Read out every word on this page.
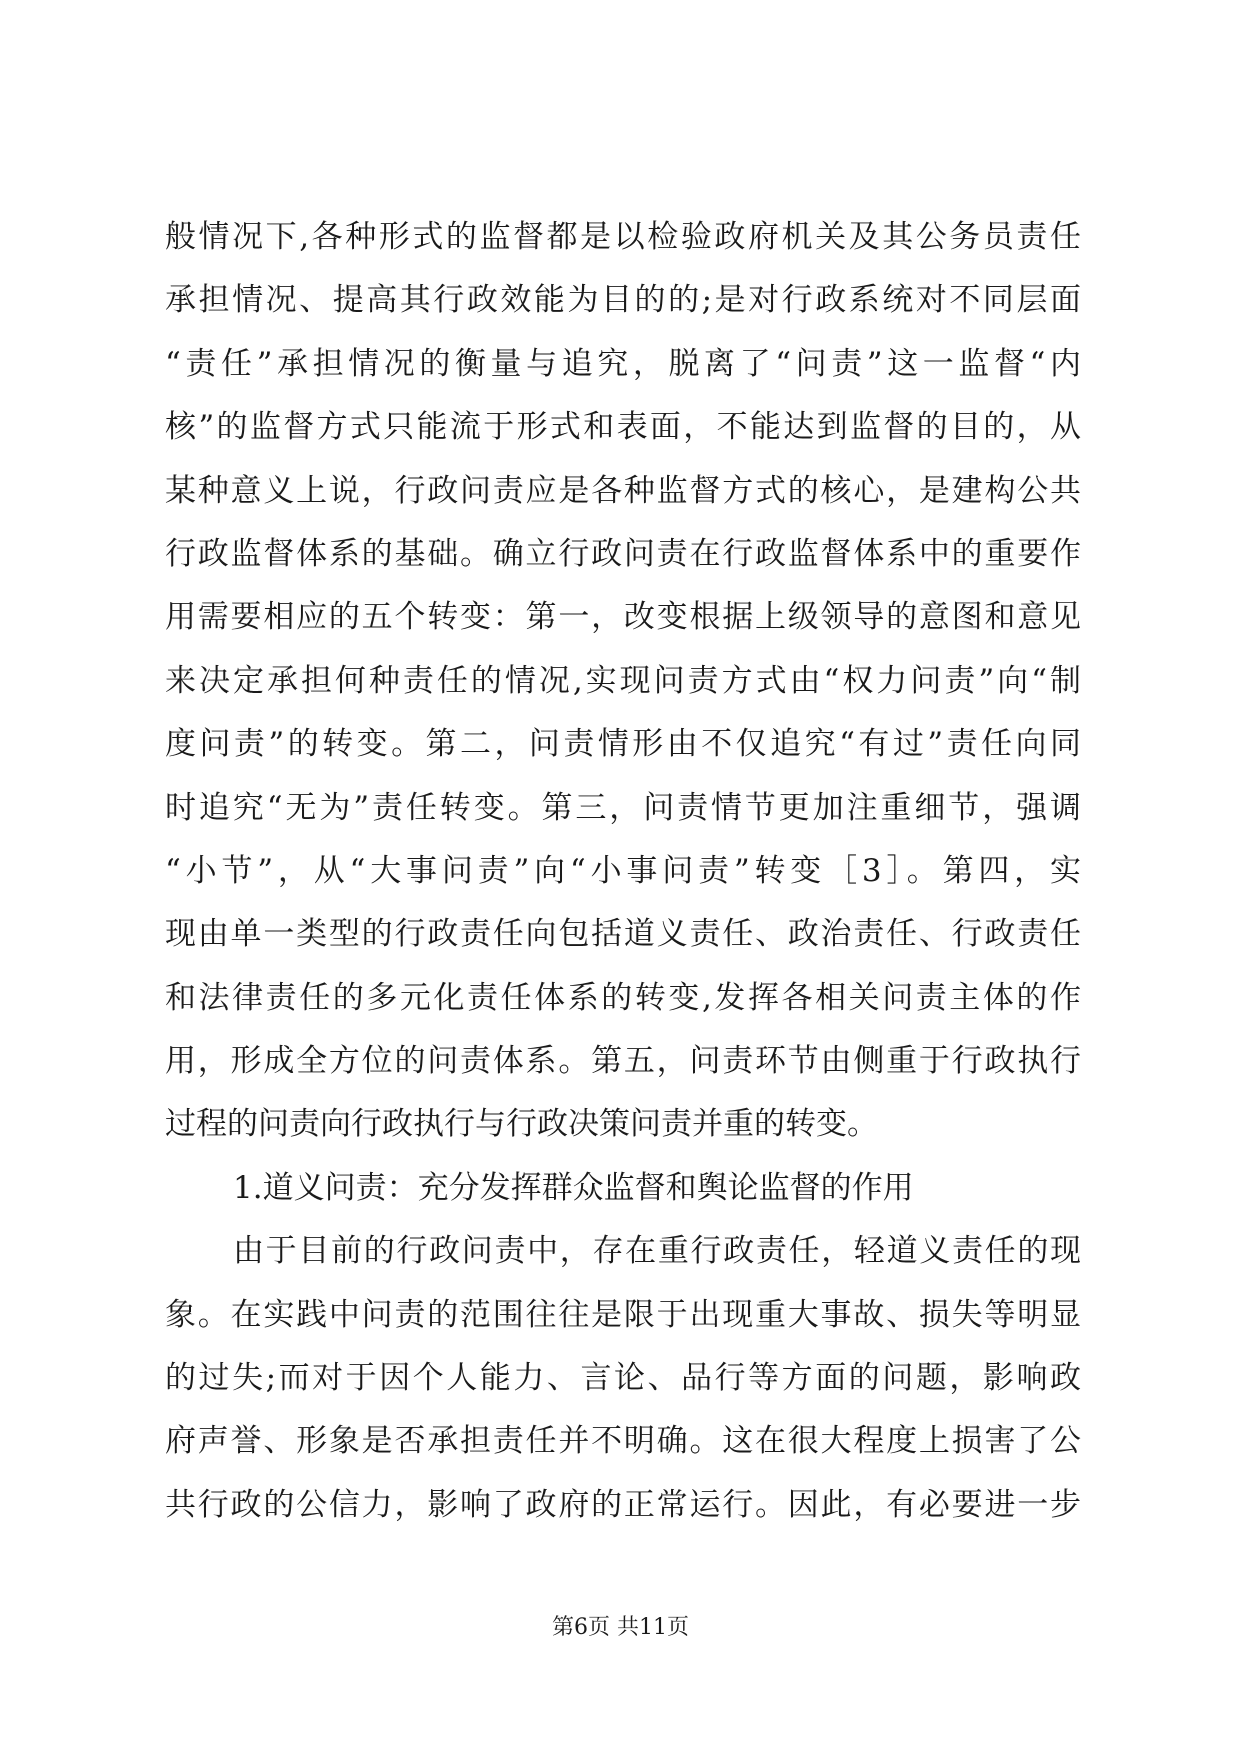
般情况下,各种形式的监督都是以检验政府机关及其公务员责任
承担情况、提高其行政效能为目的的;是对行政系统对不同层面
“责任”承担情况的衡量与追究，脱离了“问责”这一监督“内
核”的监督方式只能流于形式和表面，不能达到监督的目的，从
某种意义上说，行政问责应是各种监督方式的核心，是建构公共
行政监督体系的基础。确立行政问责在行政监督体系中的重要作
用需要相应的五个转变：第一，改变根据上级领导的意图和意见
来决定承担何种责任的情况,实现问责方式由“权力问责”向“制
度问责”的转变。第二，问责情形由不仅追究“有过”责任向同
时追究“无为”责任转变。第三，问责情节更加注重细节，强调
“小节”，从“大事问责”向“小事问责”转变［3］。第四，实
现由单一类型的行政责任向包括道义责任、政治责任、行政责任
和法律责任的多元化责任体系的转变,发挥各相关问责主体的作
用，形成全方位的问责体系。第五，问责环节由侧重于行政执行
过程的问责向行政执行与行政决策问责并重的转变。
1.道义问责：充分发挥群众监督和舆论监督的作用
由于目前的行政问责中，存在重行政责任，轻道义责任的现
象。在实践中问责的范围往往是限于出现重大事故、损失等明显
的过失;而对于因个人能力、言论、品行等方面的问题，影响政
府声誉、形象是否承担责任并不明确。这在很大程度上损害了公
共行政的公信力，影响了政府的正常运行。因此，有必要进一步
第6页 共11页
